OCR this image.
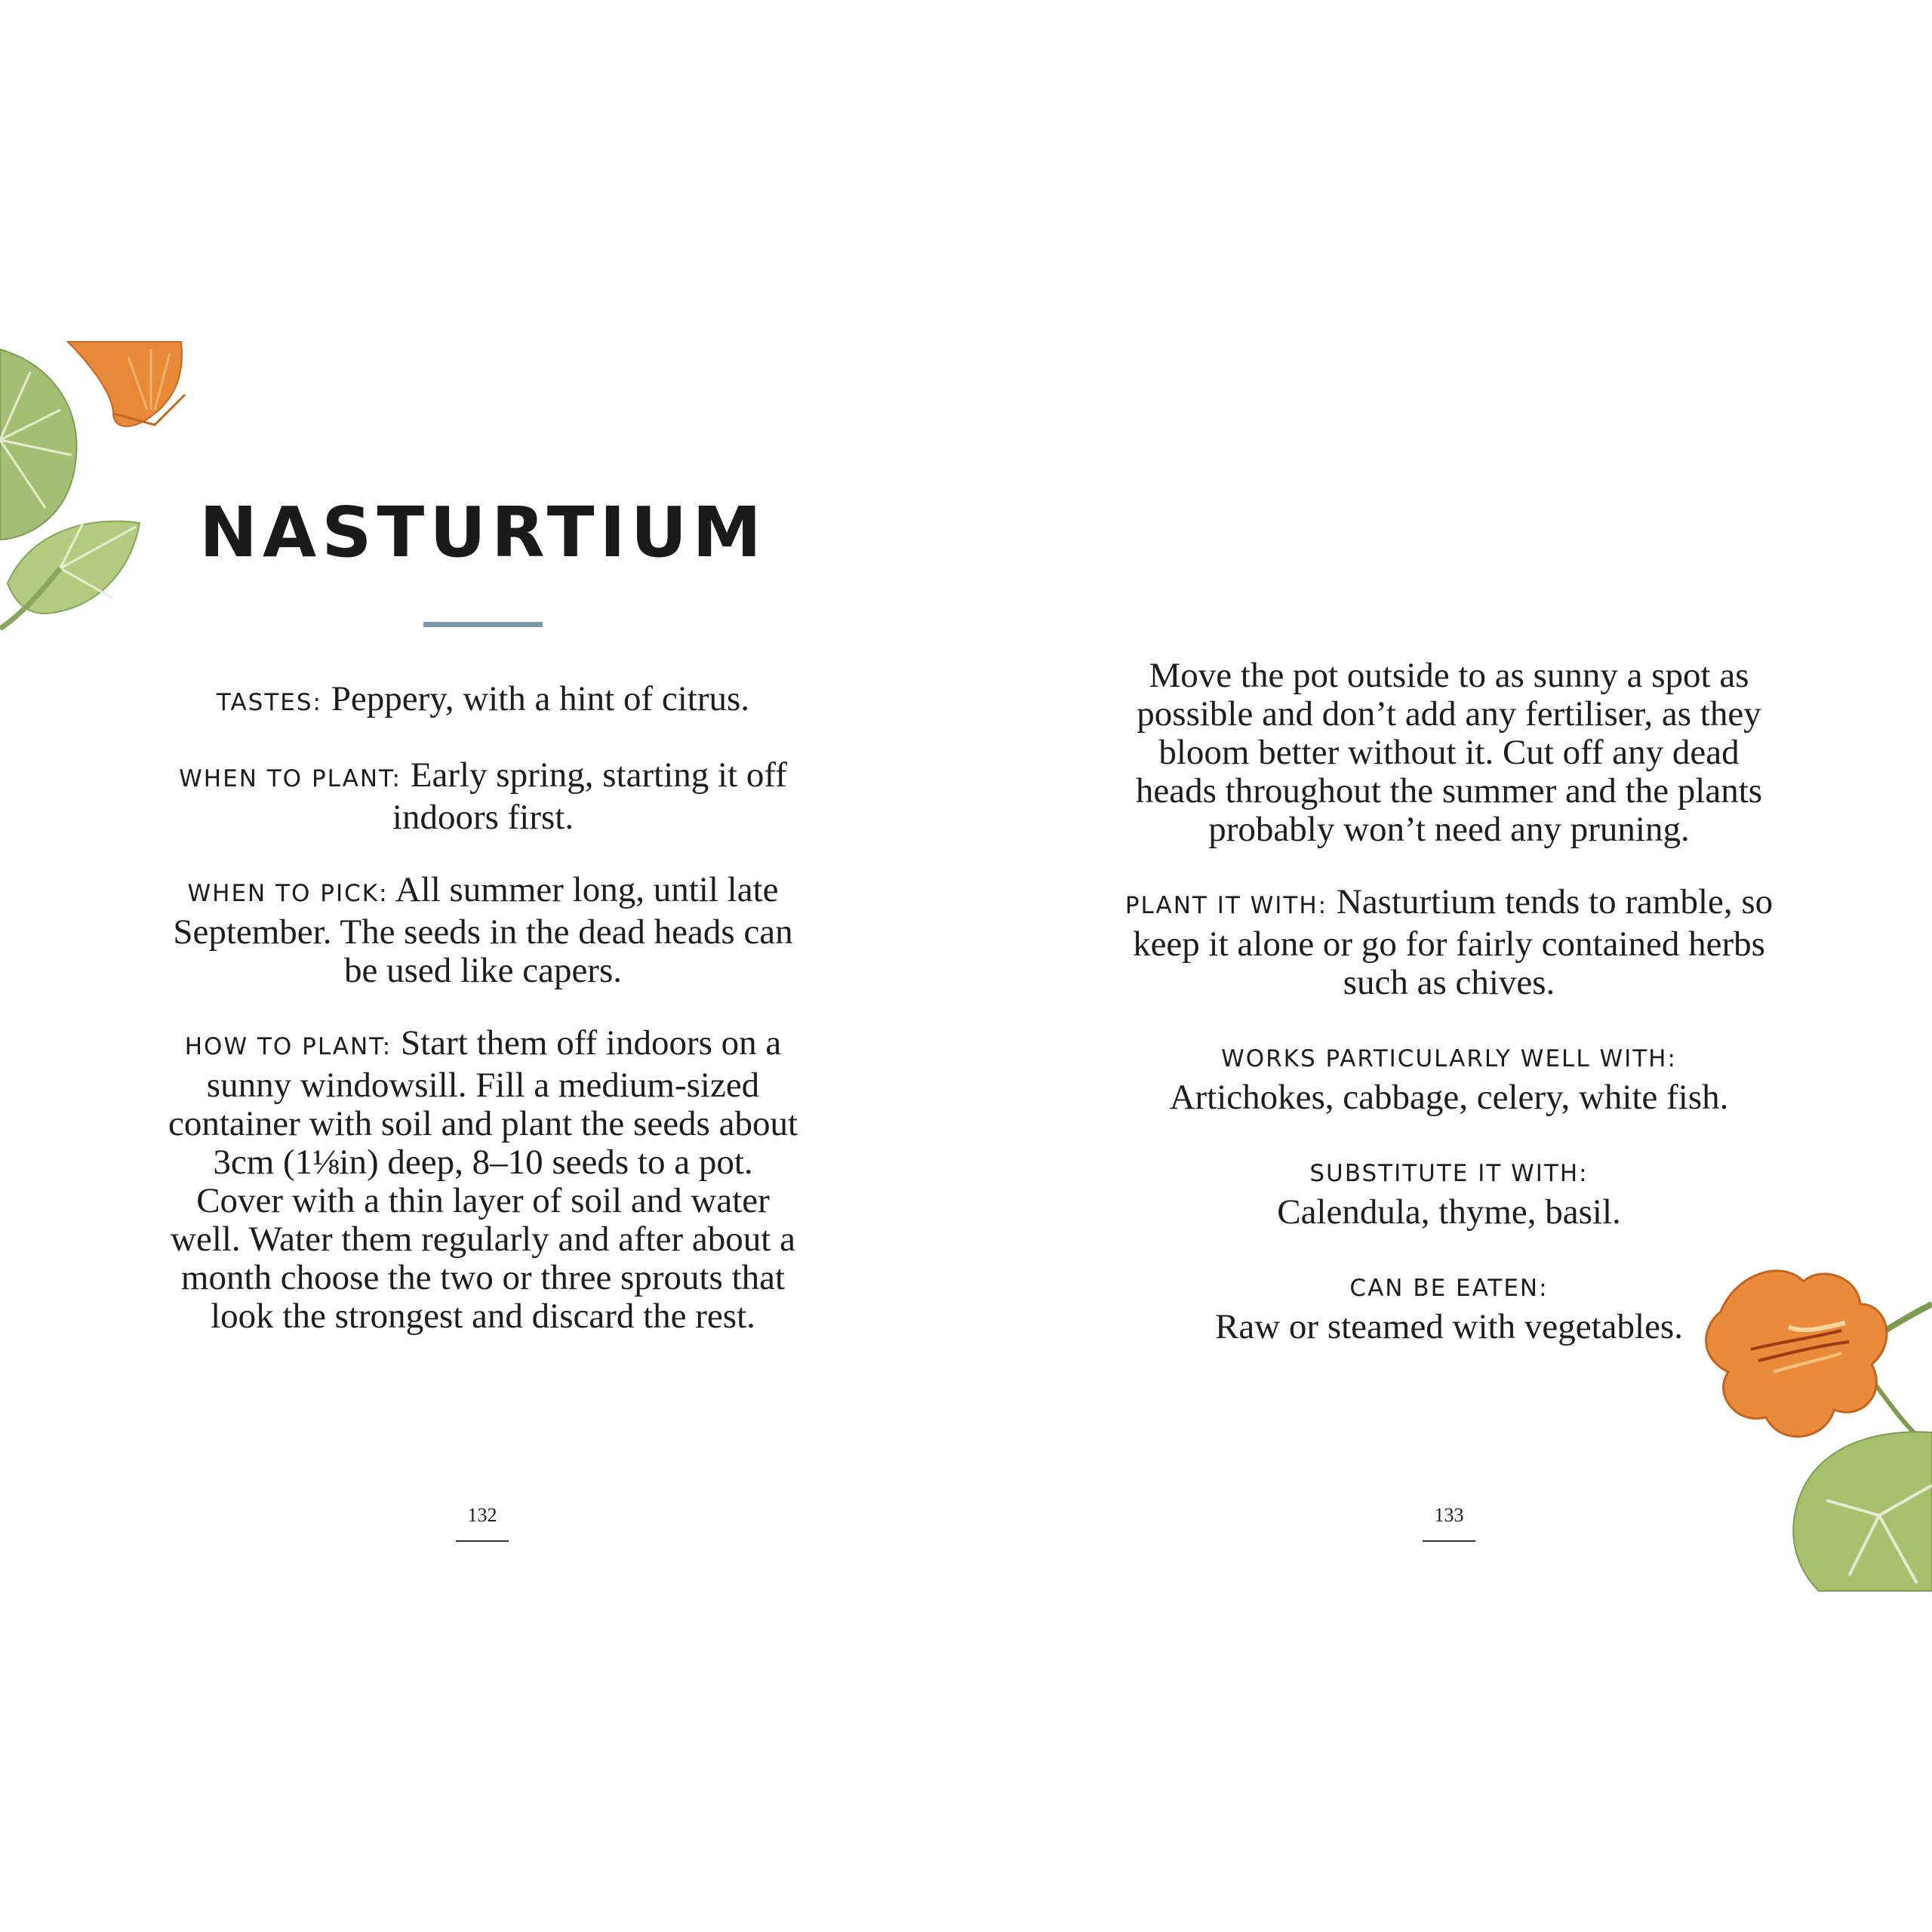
NASTURTIUM

TASTES: Peppery, with a hint of citrus.

WHEN TO PLANT: Early spring, starting it off indoors first.

WHEN TO PICK: All summer long, until late September. The seeds in the dead heads can be used like capers.

HOW TO PLANT: Start them off indoors on a sunny windowsill. Fill a medium-sized container with soil and plant the seeds about 3cm (1⅛in) deep, 8–10 seeds to a pot. Cover with a thin layer of soil and water well. Water them regularly and after about a month choose the two or three sprouts that look the strongest and discard the rest.

132

Move the pot outside to as sunny a spot as possible and don’t add any fertiliser, as they bloom better without it. Cut off any dead heads throughout the summer and the plants probably won’t need any pruning.

PLANT IT WITH: Nasturtium tends to ramble, so keep it alone or go for fairly contained herbs such as chives.

WORKS PARTICULARLY WELL WITH:
Artichokes, cabbage, celery, white fish.

SUBSTITUTE IT WITH:
Calendula, thyme, basil.

CAN BE EATEN:
Raw or steamed with vegetables.

133
